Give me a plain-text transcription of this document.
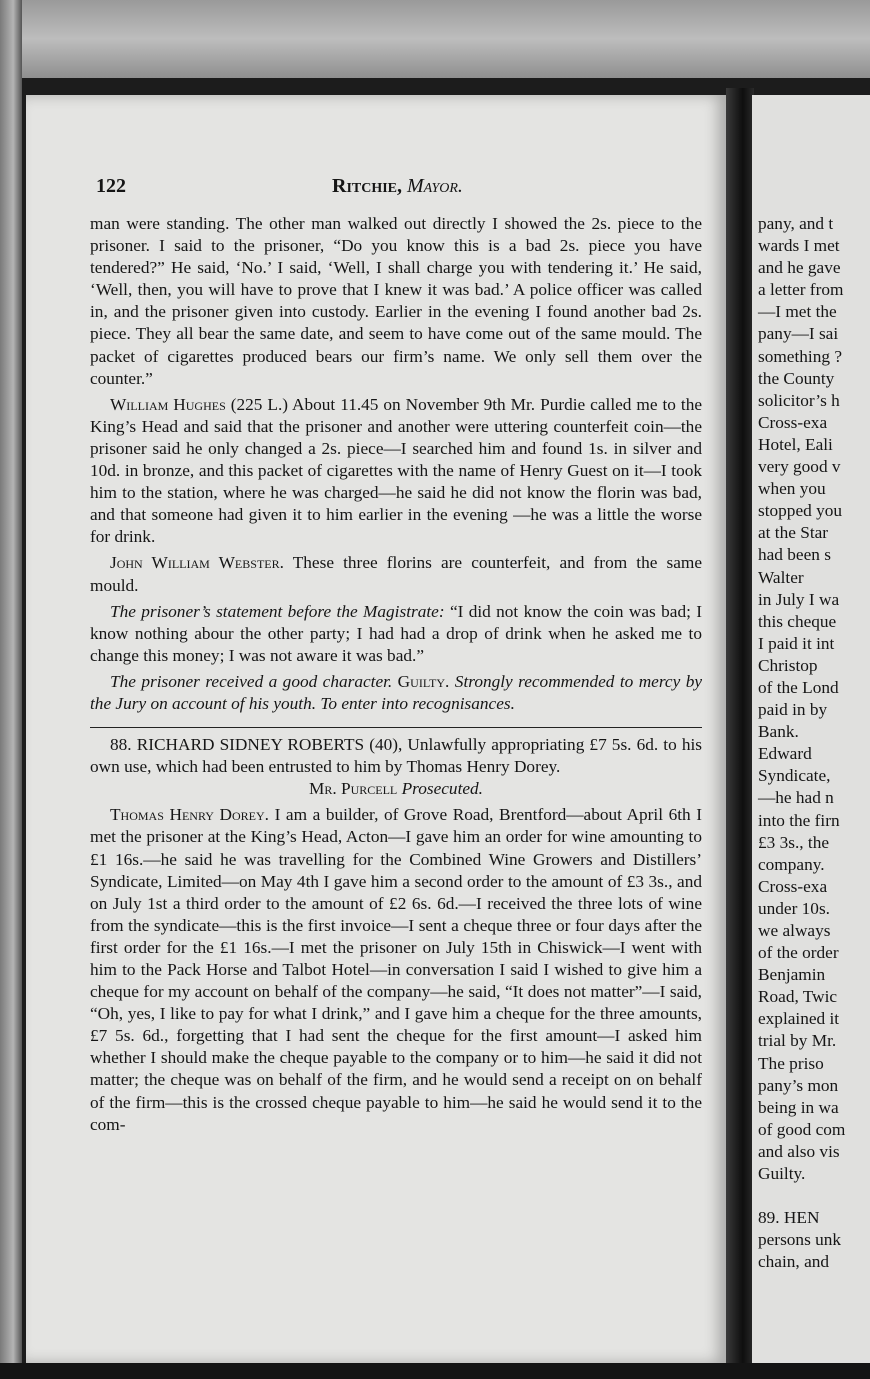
122	Ritchie, Mayor.

man were standing. The other man walked out directly I showed the 2s. piece to the prisoner. I said to the prisoner, “Do you know this is a bad 2s. piece you have tendered?” He said, ‘No.’ I said, ‘Well, I shall charge you with tendering it.’ He said, ‘Well, then, you will have to prove that I knew it was bad.’ A police officer was called in, and the prisoner given into custody. Earlier in the evening I found another bad 2s. piece. They all bear the same date, and seem to have come out of the same mould. The packet of cigarettes produced bears our firm’s name. We only sell them over the counter.”

William Hughes (225 L.) About 11.45 on November 9th Mr. Purdie called me to the King’s Head and said that the prisoner and another were uttering counterfeit coin—the prisoner said he only changed a 2s. piece—I searched him and found 1s. in silver and 10d. in bronze, and this packet of cigarettes with the name of Henry Guest on it—I took him to the station, where he was charged—he said he did not know the florin was bad, and that someone had given it to him earlier in the evening —he was a little the worse for drink.

John William Webster. These three florins are counterfeit, and from the same mould.

The prisoner’s statement before the Magistrate: “I did not know the coin was bad; I know nothing abour the other party; I had had a drop of drink when he asked me to change this money; I was not aware it was bad.”

The prisoner received a good character. Guilty. Strongly recommended to mercy by the Jury on account of his youth. To enter into recognisances.

88. RICHARD SIDNEY ROBERTS (40), Unlawfully appropriating £7 5s. 6d. to his own use, which had been entrusted to him by Thomas Henry Dorey.

Mr. Purcell Prosecuted.

Thomas Henry Dorey. I am a builder, of Grove Road, Brentford—about April 6th I met the prisoner at the King’s Head, Acton—I gave him an order for wine amounting to £1 16s.—he said he was travelling for the Combined Wine Growers and Distillers’ Syndicate, Limited—on May 4th I gave him a second order to the amount of £3 3s., and on July 1st a third order to the amount of £2 6s. 6d.—I received the three lots of wine from the syndicate—this is the first invoice—I sent a cheque three or four days after the first order for the £1 16s.—I met the prisoner on July 15th in Chiswick—I went with him to the Pack Horse and Talbot Hotel—in conversation I said I wished to give him a cheque for my account on behalf of the company—he said, “It does not matter”—I said, “Oh, yes, I like to pay for what I drink,” and I gave him a cheque for the three amounts, £7 5s. 6d., forgetting that I had sent the cheque for the first amount—I asked him whether I should make the cheque payable to the company or to him—he said it did not matter; the cheque was on behalf of the firm, and he would send a receipt on on behalf of the firm—this is the crossed cheque payable to him—he said he would send it to the com-

pany, and t
wards I met
and he gave
a letter from
—I met the
pany—I sai
something ?
the County
solicitor’s h
Cross-exa
Hotel, Eali
very good v
when you
stopped you
at the Star
had been s
Walter
in July I wa
this cheque
I paid it int
Christop
of the Lond
paid in by
Bank.
Edward
Syndicate,
—he had n
into the firn
£3 3s., the
company.
Cross-exa
under 10s.
we always
of the order
Benjamin
Road, Twic
explained it
trial by Mr.
The priso
pany’s mon
being in wa
of good com
and also vis
Guilty.
89. HEN
persons unk
chain, and
